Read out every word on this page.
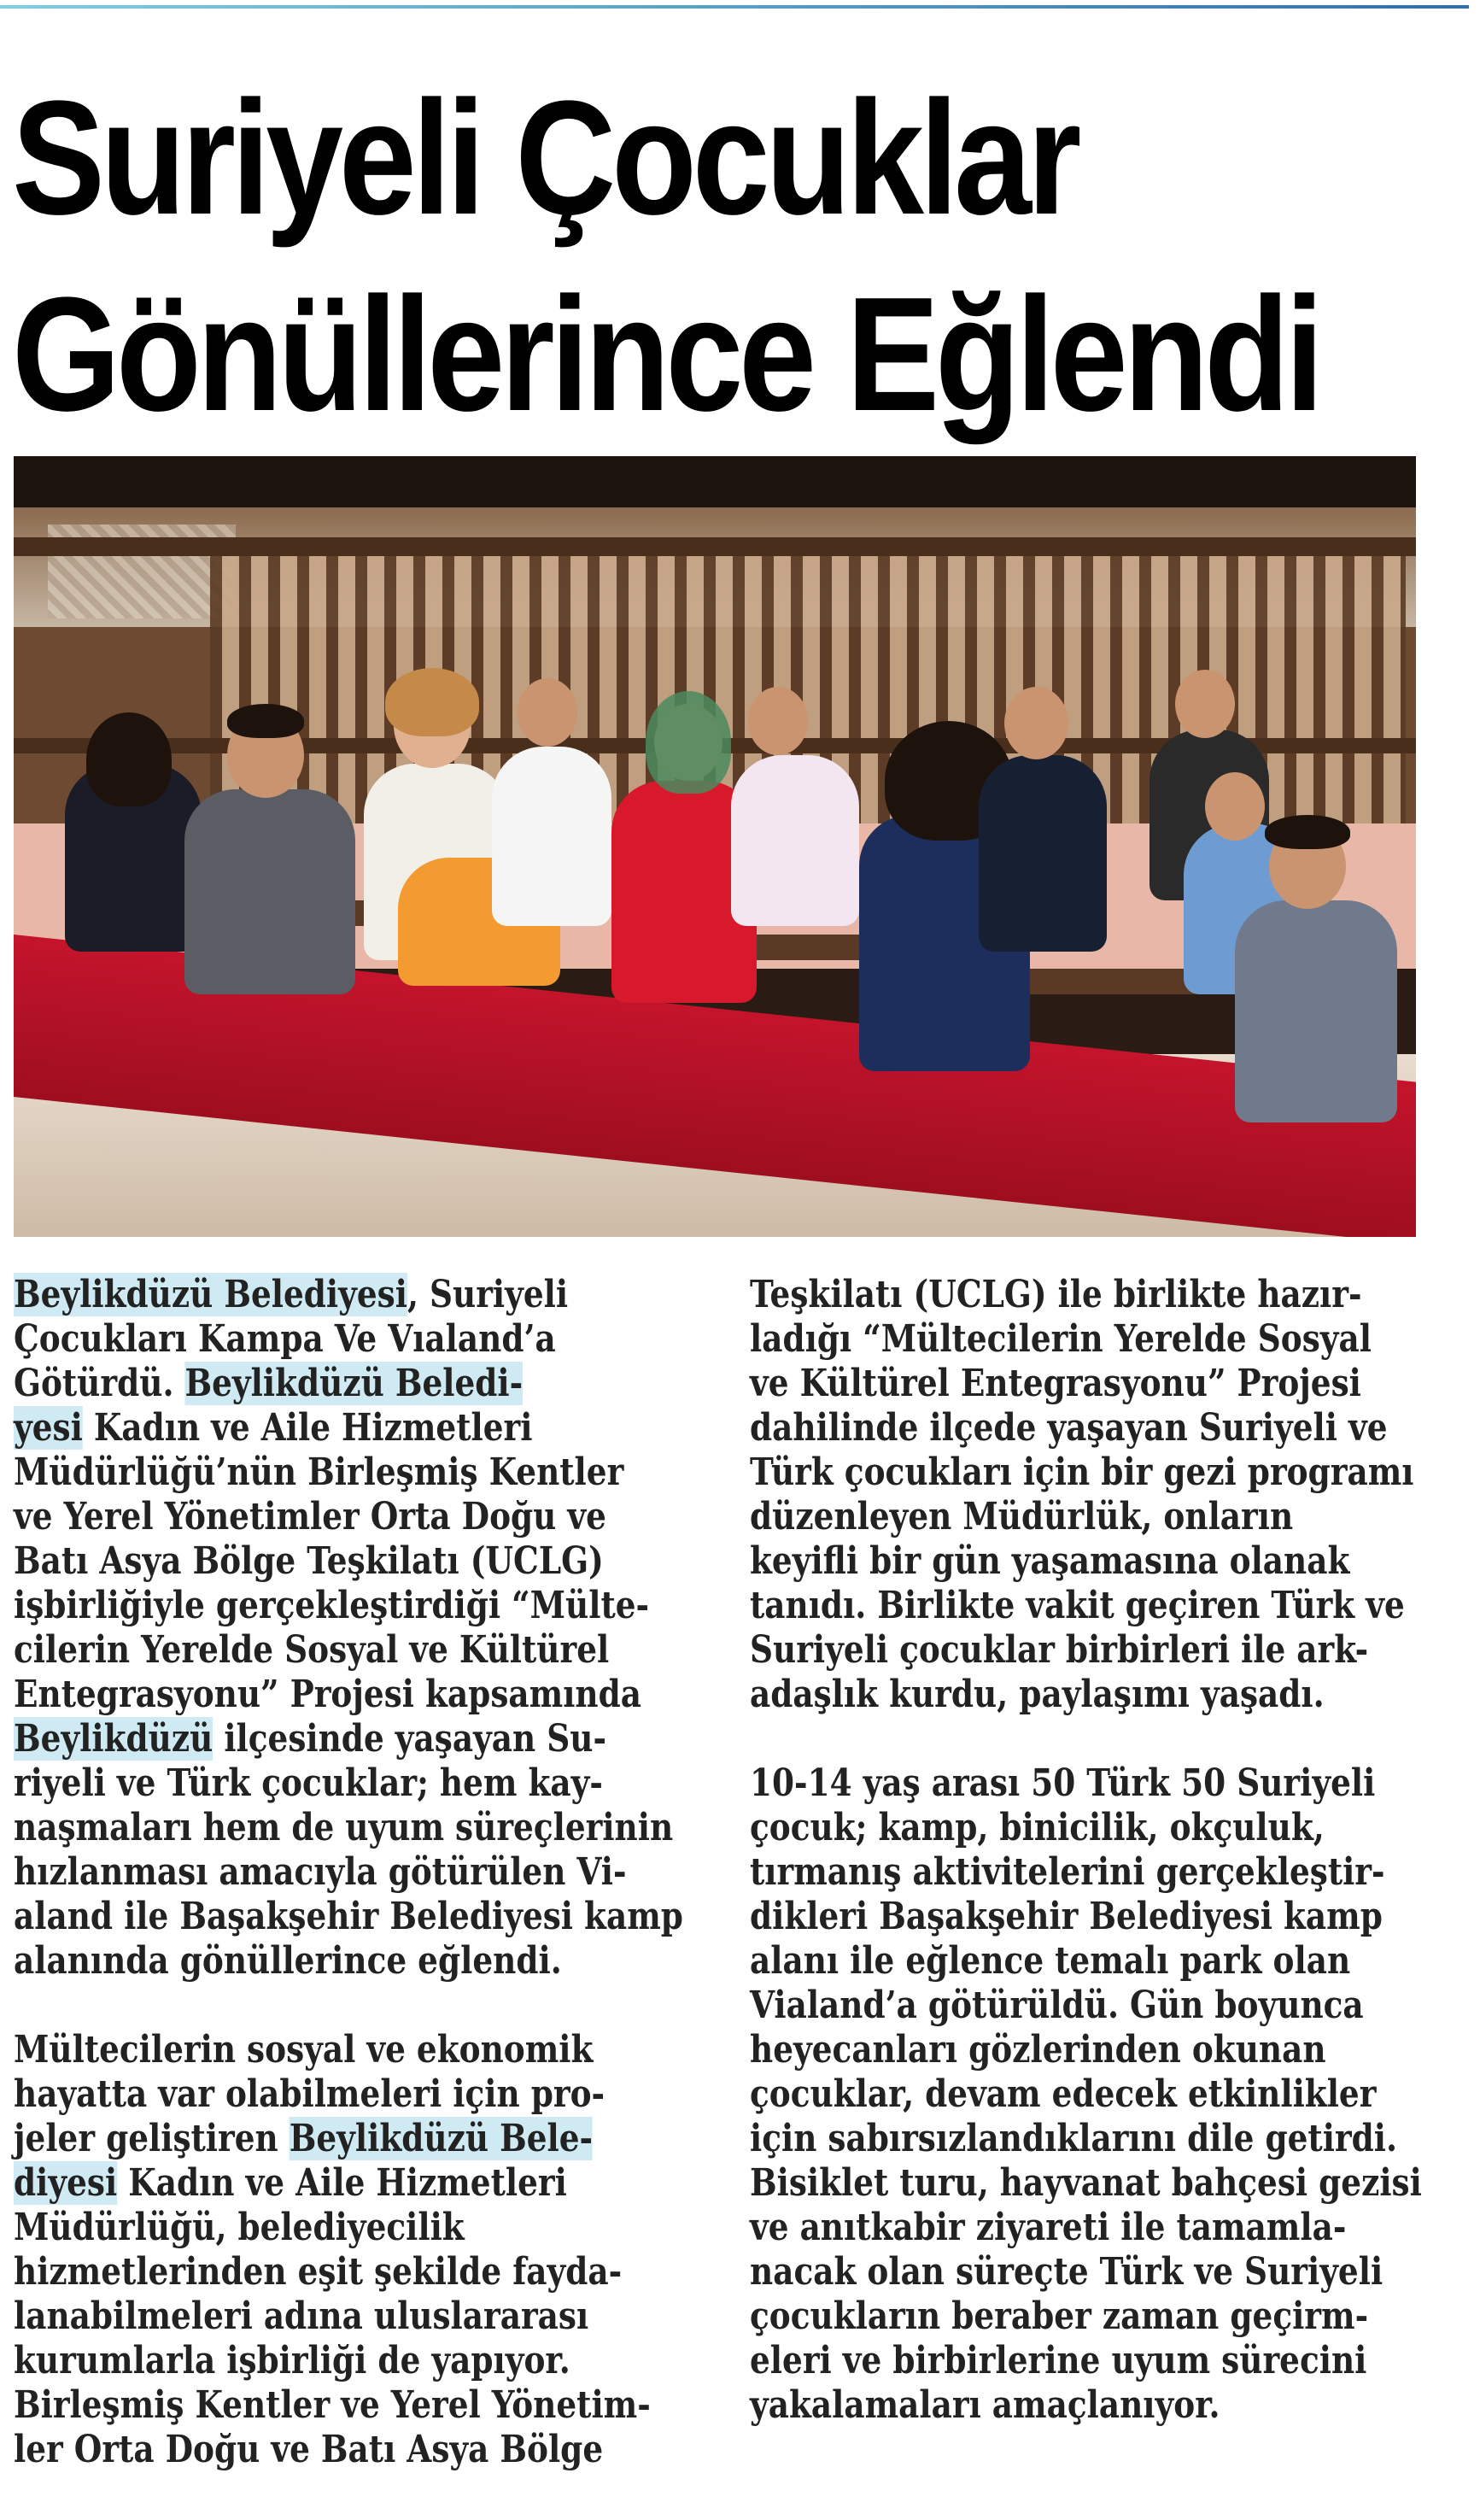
Suriyeli Çocuklar
Gönüllerince Eğlendi

Beylikdüzü Belediyesi, Suriyeli
Çocukları Kampa Ve Vıaland’a
Götürdü. Beylikdüzü Beledi-
yesi Kadın ve Aile Hizmetleri
Müdürlüğü’nün Birleşmiş Kentler
ve Yerel Yönetimler Orta Doğu ve
Batı Asya Bölge Teşkilatı (UCLG)
işbirliğiyle gerçekleştirdiği “Mülte-
cilerin Yerelde Sosyal ve Kültürel
Entegrasyonu” Projesi kapsamında
Beylikdüzü ilçesinde yaşayan Su-
riyeli ve Türk çocuklar; hem kay-
naşmaları hem de uyum süreçlerinin
hızlanması amacıyla götürülen Vi-
aland ile Başakşehir Belediyesi kamp
alanında gönüllerince eğlendi.

Mültecilerin sosyal ve ekonomik
hayatta var olabilmeleri için pro-
jeler geliştiren Beylikdüzü Bele-
diyesi Kadın ve Aile Hizmetleri
Müdürlüğü, belediyecilik
hizmetlerinden eşit şekilde fayda-
lanabilmeleri adına uluslararası
kurumlarla işbirliği de yapıyor.
Birleşmiş Kentler ve Yerel Yönetim-
ler Orta Doğu ve Batı Asya Bölge

Teşkilatı (UCLG) ile birlikte hazır-
ladığı “Mültecilerin Yerelde Sosyal
ve Kültürel Entegrasyonu” Projesi
dahilinde ilçede yaşayan Suriyeli ve
Türk çocukları için bir gezi programı
düzenleyen Müdürlük, onların
keyifli bir gün yaşamasına olanak
tanıdı. Birlikte vakit geçiren Türk ve
Suriyeli çocuklar birbirleri ile ark-
adaşlık kurdu, paylaşımı yaşadı.

10-14 yaş arası 50 Türk 50 Suriyeli
çocuk; kamp, binicilik, okçuluk,
tırmanış aktivitelerini gerçekleştir-
dikleri Başakşehir Belediyesi kamp
alanı ile eğlence temalı park olan
Vialand’a götürüldü. Gün boyunca
heyecanları gözlerinden okunan
çocuklar, devam edecek etkinlikler
için sabırsızlandıklarını dile getirdi.
Bisiklet turu, hayvanat bahçesi gezisi
ve anıtkabir ziyareti ile tamamla-
nacak olan süreçte Türk ve Suriyeli
çocukların beraber zaman geçirm-
eleri ve birbirlerine uyum sürecini
yakalamaları amaçlanıyor.
